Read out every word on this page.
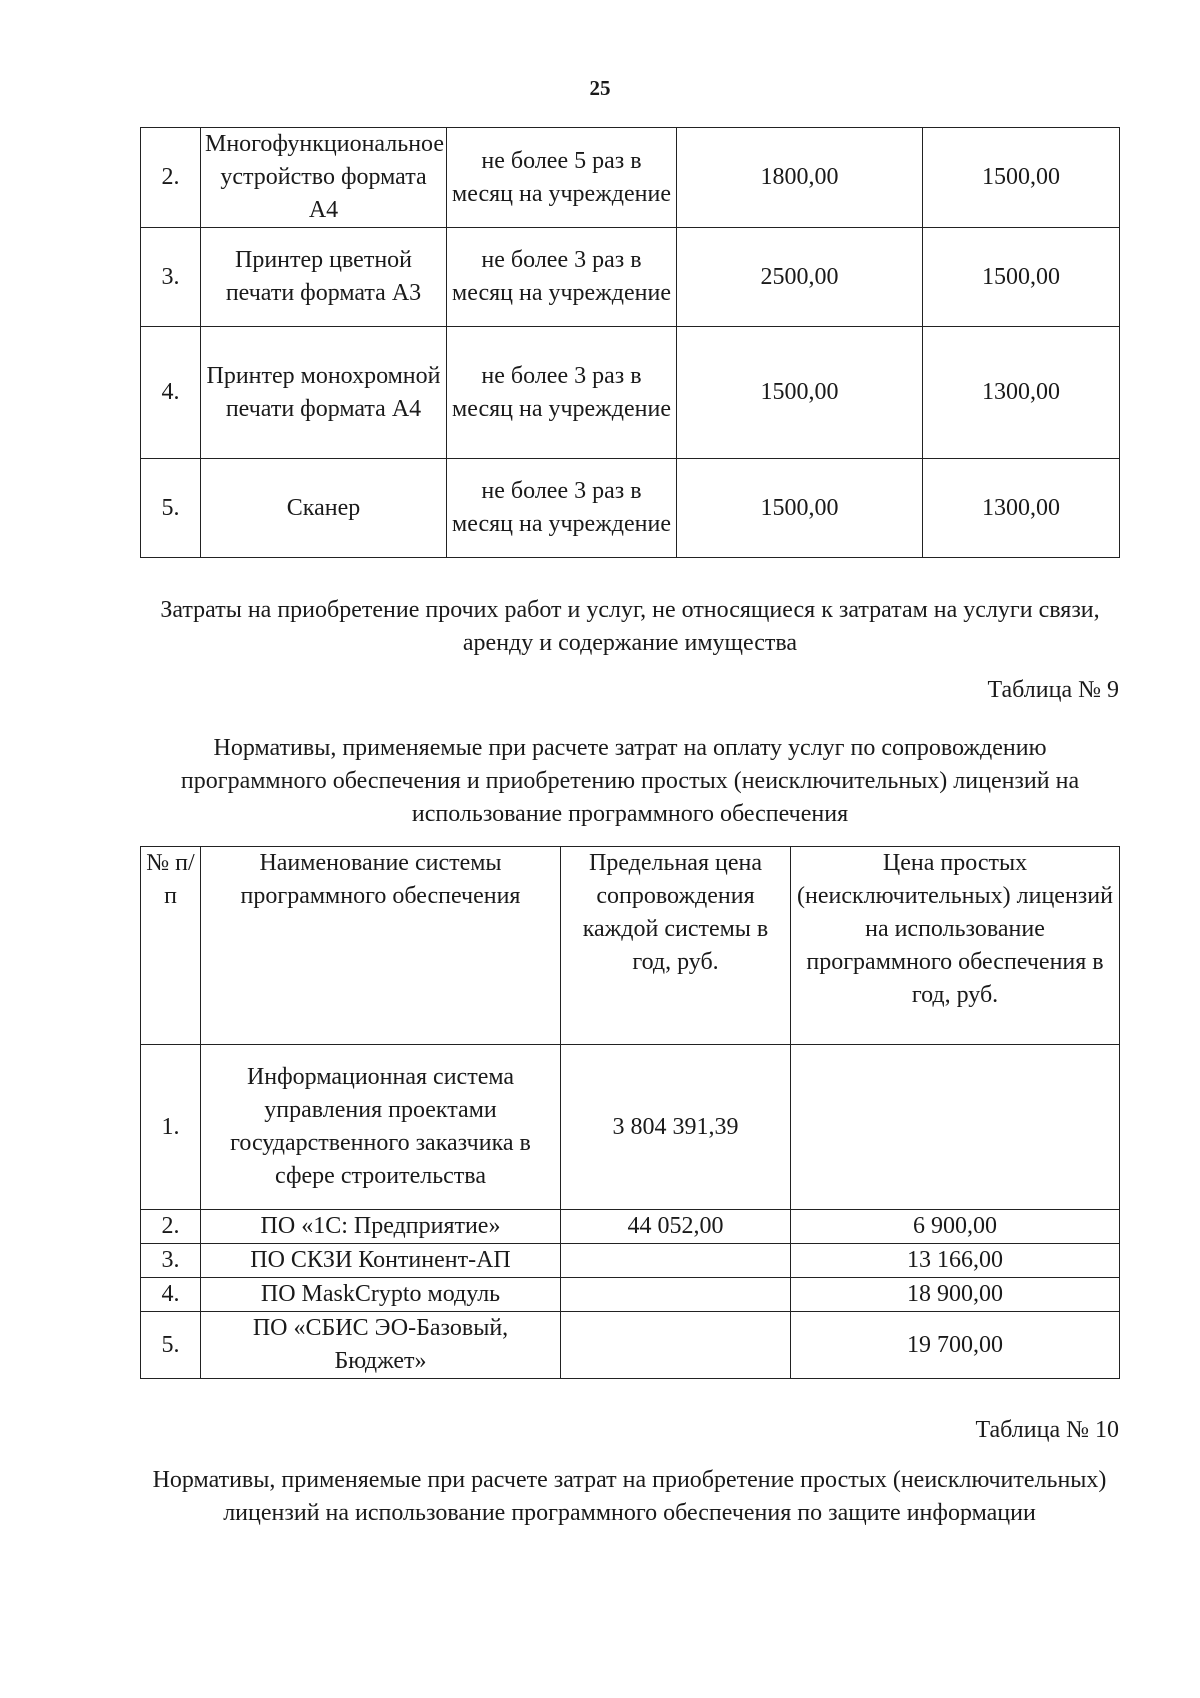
25
2.	Многофункциональное устройство формата А4	не более 5 раз в месяц на учреждение	1800,00	1500,00
3.	Принтер цветной печати формата А3	не более 3 раз в месяц на учреждение	2500,00	1500,00
4.	Принтер монохромной печати формата А4	не более 3 раз в месяц на учреждение	1500,00	1300,00
5.	Сканер	не более 3 раз в месяц на учреждение	1500,00	1300,00
Затраты на приобретение прочих работ и услуг, не относящиеся к затратам на услуги связи, аренду и содержание имущества
Таблица № 9
Нормативы, применяемые при расчете затрат на оплату услуг по сопровождению программного обеспечения и приобретению простых (неисключительных) лицензий на использование программного обеспечения
№ п/п	Наименование системы программного обеспечения	Предельная цена сопровождения каждой системы в год, руб.	Цена простых (неисключительных) лицензий на использование программного обеспечения в год, руб.
1.	Информационная система управления проектами государственного заказчика в сфере строительства	3 804 391,39	
2.	ПО «1С: Предприятие»	44 052,00	6 900,00
3.	ПО СКЗИ Континент-АП		13 166,00
4.	ПО MaskCrypto модуль		18 900,00
5.	ПО «СБИС ЭО-Базовый, Бюджет»		19 700,00
Таблица № 10
Нормативы, применяемые при расчете затрат на приобретение простых (неисключительных) лицензий на использование программного обеспечения по защите информации
